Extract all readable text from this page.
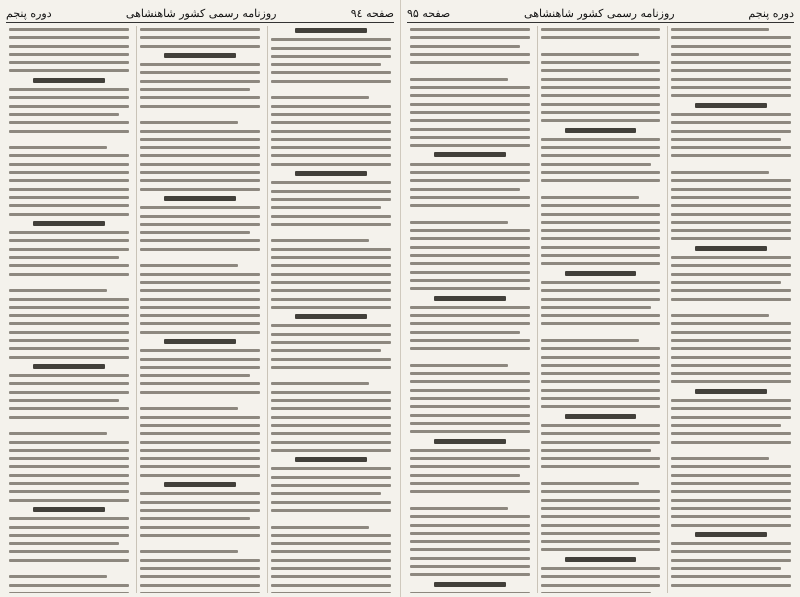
صفحه ۹٤
روزنامه رسمی کشور شاهنشاهی
دوره پنجم	دوره پنجم
روزنامه رسمی کشور شاهنشاهی
صفحه ۹۵
